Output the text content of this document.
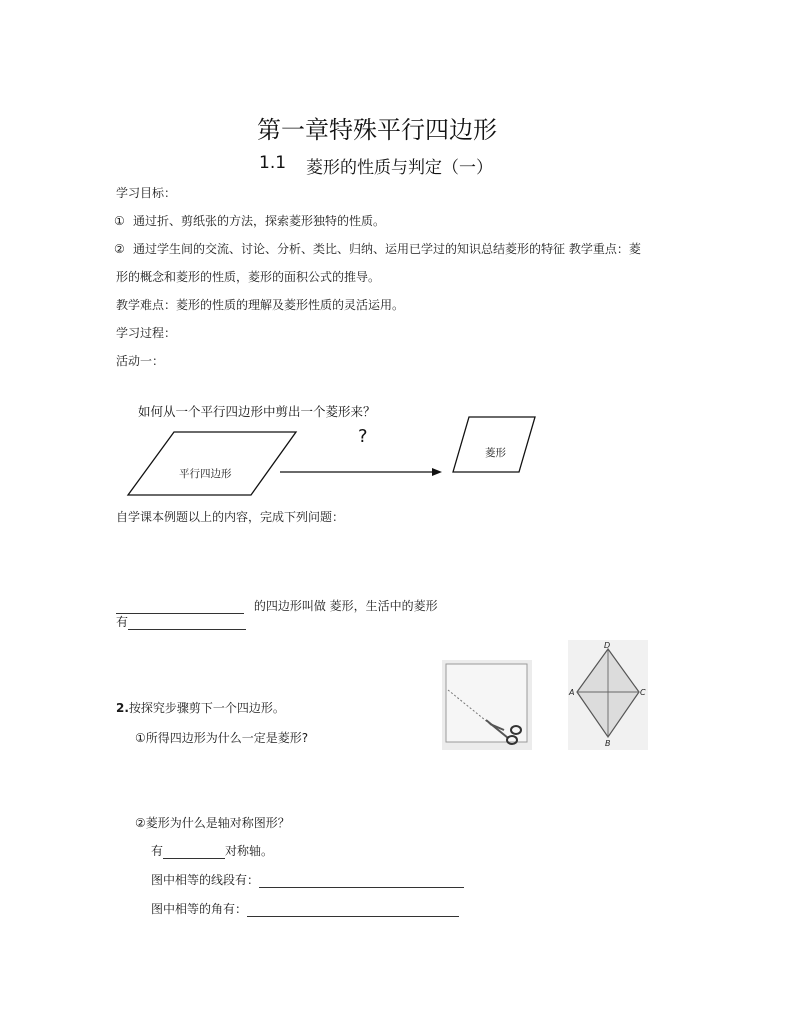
第一章特殊平行四边形
1.1 菱形的性质与判定（一）
学习目标：
① 通过折、剪纸张的方法，探索菱形独特的性质。
② 通过学生间的交流、讨论、分析、类比、归纳、运用已学过的知识总结菱形的特征 教学重点：菱
形的概念和菱形的性质，菱形的面积公式的推导。
教学难点：菱形的性质的理解及菱形性质的灵活运用。
学习过程：
活动一：
如何从一个平行四边形中剪出一个菱形来？
?
平行四边形
菱形
自学课本例题以上的内容，完成下列问题：
的四边形叫做 菱形，生活中的菱形
有
D
A	C
B
2.按探究步骤剪下一个四边形。
①所得四边形为什么一定是菱形?
②菱形为什么是轴对称图形？
有	对称轴。
图中相等的线段有：
图中相等的角有：
